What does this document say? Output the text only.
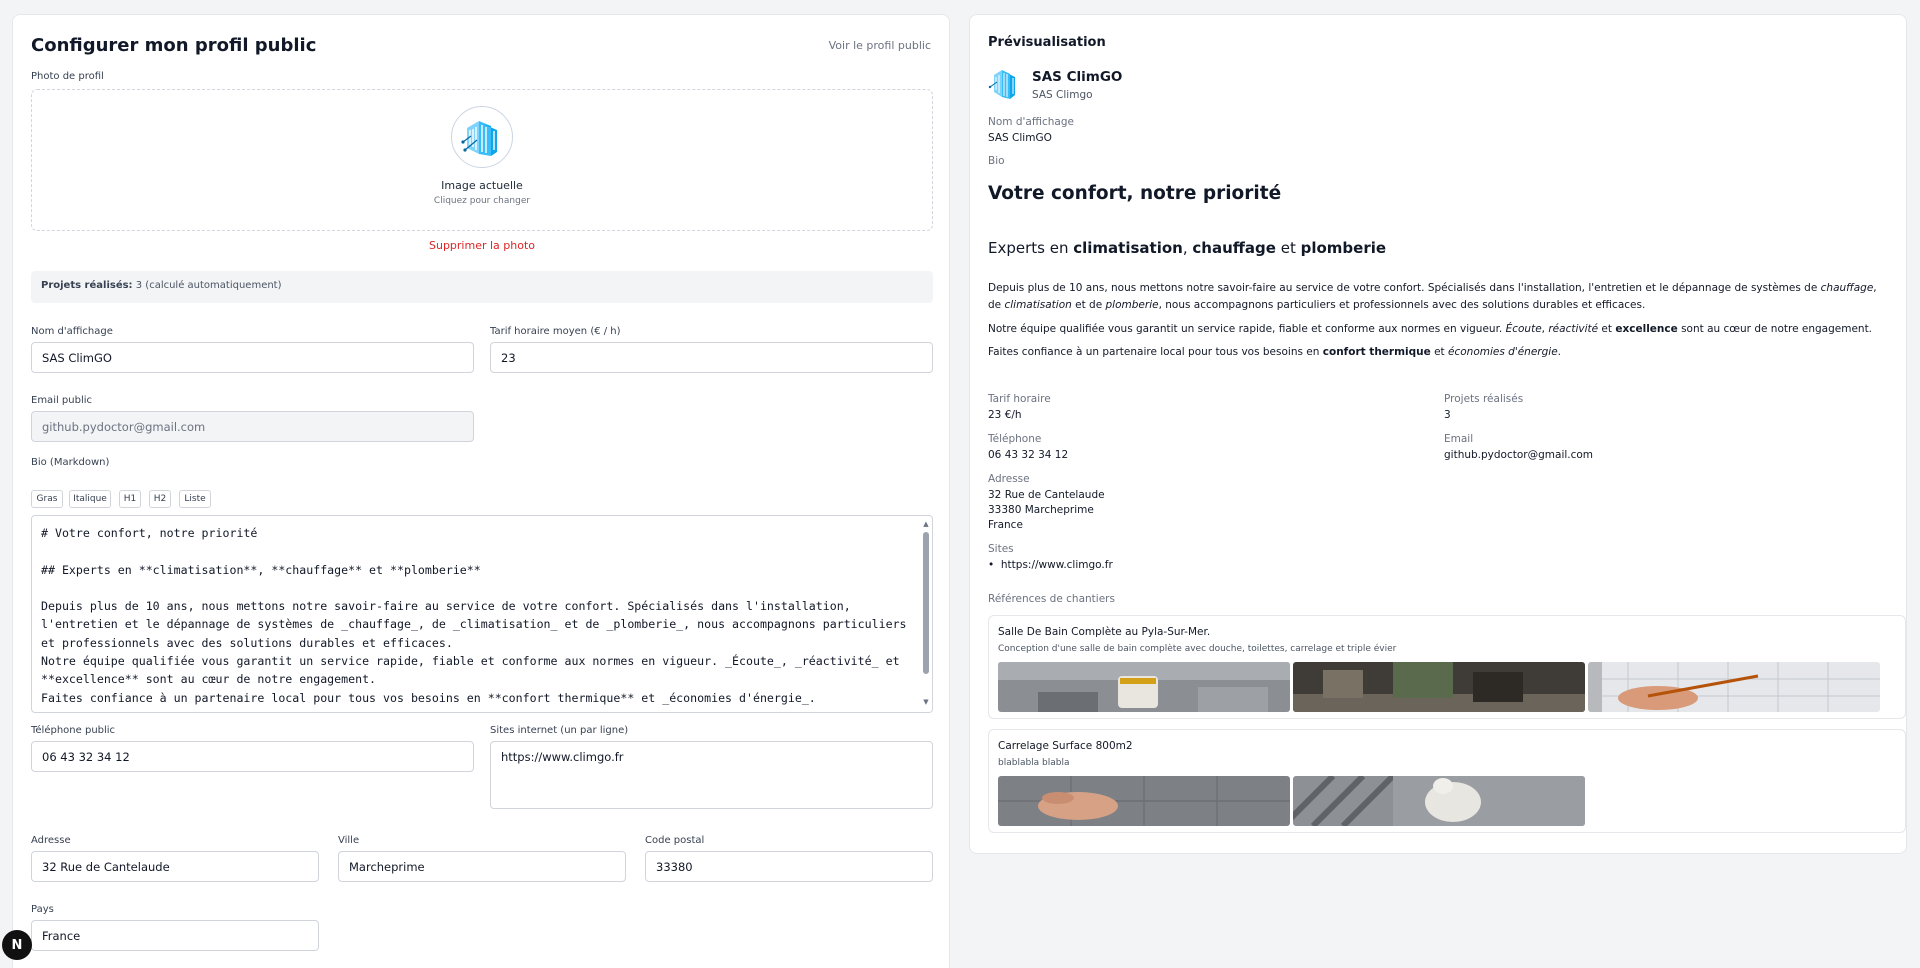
Configurer mon profil public	Voir le profil public
Photo de profil
Image actuelle
Cliquez pour changer
Supprimer la photo
Projets réalisés: 3 (calculé automatiquement)
Nom d'affichage
SAS ClimGO
Tarif horaire moyen (€ / h)
23
Email public
github.pydoctor@gmail.com
Bio (Markdown)
Gras	Italique	H1	H2	Liste
# Votre confort, notre priorité

## Experts en **climatisation**, **chauffage** et **plomberie**

Depuis plus de 10 ans, nous mettons notre savoir-faire au service de votre confort. Spécialisés dans l'installation, l'entretien et le dépannage de systèmes de _chauffage_, de _climatisation_ et de _plomberie_, nous accompagnons particuliers et professionnels avec des solutions durables et efficaces.
Notre équipe qualifiée vous garantit un service rapide, fiable et conforme aux normes en vigueur. _Écoute_, _réactivité_ et **excellence** sont au cœur de notre engagement.
Faites confiance à un partenaire local pour tous vos besoins en **confort thermique** et _économies d'énergie_.
▲
▼
Téléphone public
06 43 32 34 12
Sites internet (un par ligne)
https://www.climgo.fr
Adresse
32 Rue de Cantelaude
Ville
Marcheprime
Code postal
33380
Pays
France
N
Prévisualisation
SAS ClimGO
SAS Climgo
Nom d'affichage
SAS ClimGO
Bio
Votre confort, notre priorité
Experts en climatisation, chauffage et plomberie
Depuis plus de 10 ans, nous mettons notre savoir-faire au service de votre confort. Spécialisés dans l'installation, l'entretien et le dépannage de systèmes de chauffage, de climatisation et de plomberie, nous accompagnons particuliers et professionnels avec des solutions durables et efficaces.
Notre équipe qualifiée vous garantit un service rapide, fiable et conforme aux normes en vigueur. Écoute, réactivité et excellence sont au cœur de notre engagement.
Faites confiance à un partenaire local pour tous vos besoins en confort thermique et économies d'énergie.
Tarif horaire
23 €/h
Projets réalisés
3
Téléphone
06 43 32 34 12
Email
github.pydoctor@gmail.com
Adresse
32 Rue de Cantelaude
33380 Marcheprime
France
Sites
• https://www.climgo.fr
Références de chantiers
Salle De Bain Complète au Pyla-Sur-Mer.
Conception d'une salle de bain complète avec douche, toilettes, carrelage et triple évier
Carrelage Surface 800m2
blablabla blabla
